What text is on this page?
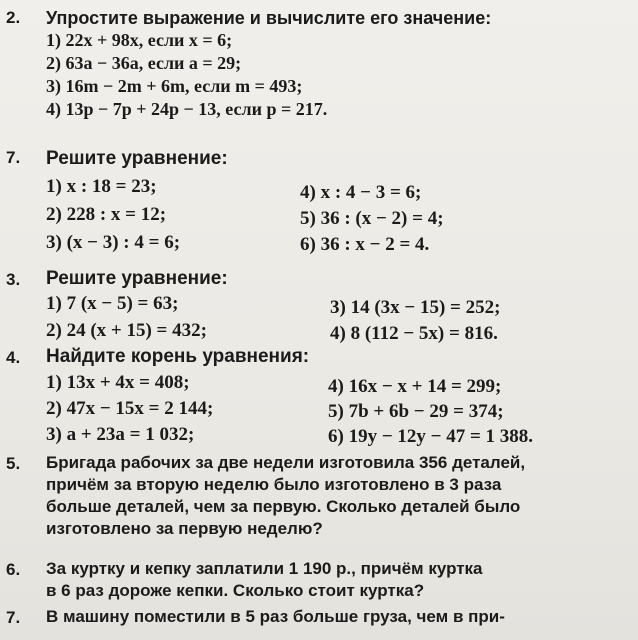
2.	Упростите выражение и вычислите его значение:
1) 22x + 98x, если x = 6;
2) 63a − 36a, если a = 29;
3) 16m − 2m + 6m, если m = 493;
4) 13p − 7p + 24p − 13, если p = 217.
7.	Решите уравнение:
1) x : 18 = 23;
2) 228 : x = 12;
3) (x − 3) : 4 = 6;
4) x : 4 − 3 = 6;
5) 36 : (x − 2) = 4;
6) 36 : x − 2 = 4.
3.	Решите уравнение:
1) 7 (x − 5) = 63;
2) 24 (x + 15) = 432;
3) 14 (3x − 15) = 252;
4) 8 (112 − 5x) = 816.
4.	Найдите корень уравнения:
1) 13x + 4x = 408;
2) 47x − 15x = 2 144;
3) a + 23a = 1 032;
4) 16x − x + 14 = 299;
5) 7b + 6b − 29 = 374;
6) 19y − 12y − 47 = 1 388.
5.	Бригада рабочих за две недели изготовила 356 деталей,
причём за вторую неделю было изготовлено в 3 раза
больше деталей, чем за первую. Сколько деталей было
изготовлено за первую неделю?
6.	За куртку и кепку заплатили 1 190 р., причём куртка
в 6 раз дороже кепки. Сколько стоит куртка?
7.	В машину поместили в 5 раз больше груза, чем в при-
